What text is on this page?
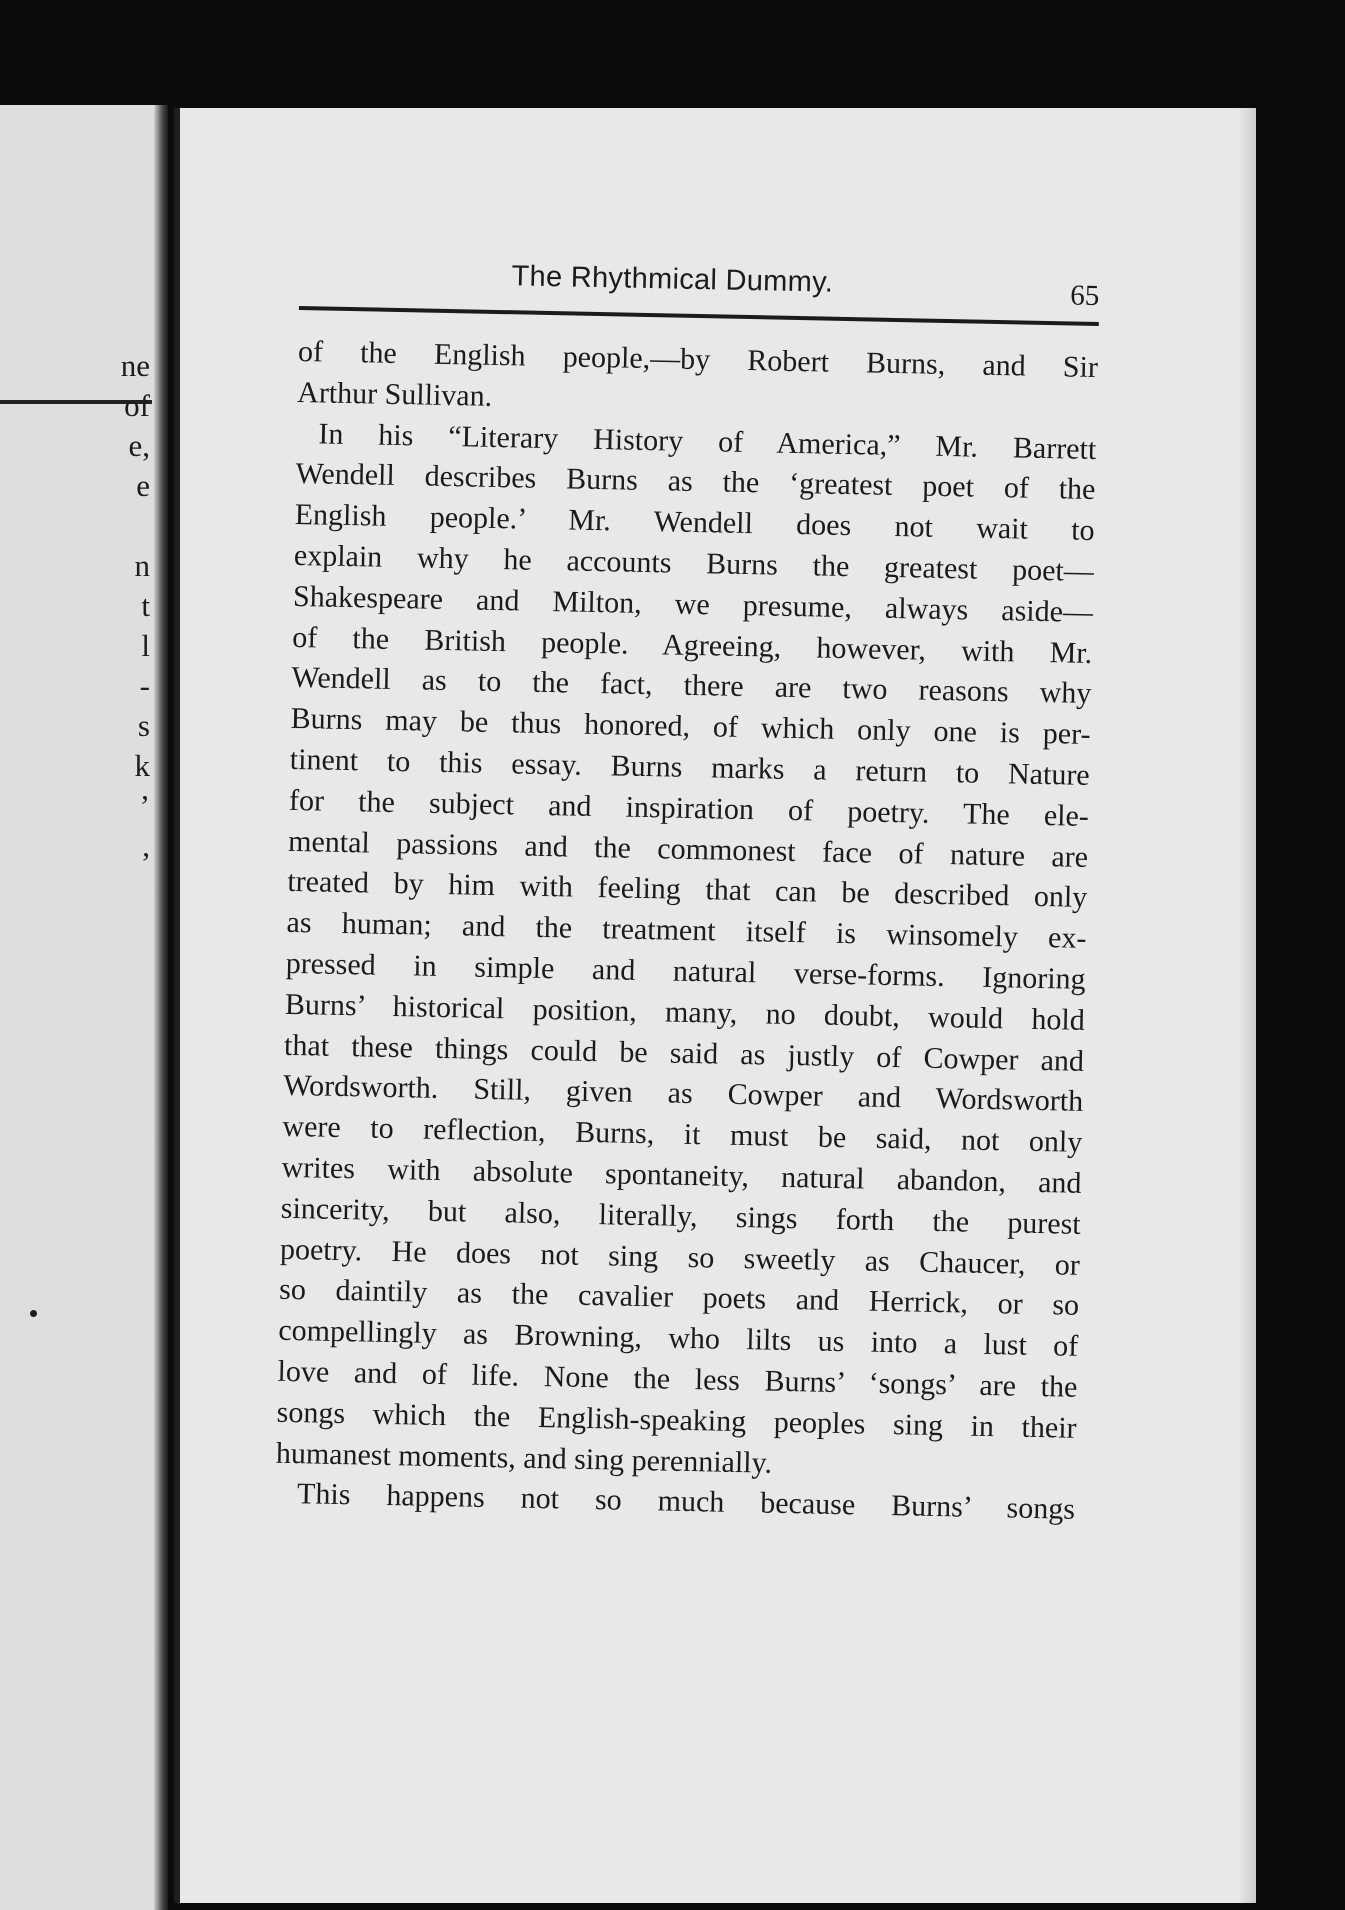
ne
of
e,
e
n
t
l
-
s
k
’
,
The Rhythmical Dummy.	65
of the English people,—by Robert Burns, and Sir
Arthur Sullivan.
In his “Literary History of America,” Mr. Barrett
Wendell describes Burns as the ‘greatest poet of the
English people.’ Mr. Wendell does not wait to
explain why he accounts Burns the greatest poet—
Shakespeare and Milton, we presume, always aside—
of the British people. Agreeing, however, with Mr.
Wendell as to the fact, there are two reasons why
Burns may be thus honored, of which only one is per-
tinent to this essay. Burns marks a return to Nature
for the subject and inspiration of poetry. The ele-
mental passions and the commonest face of nature are
treated by him with feeling that can be described only
as human; and the treatment itself is winsomely ex-
pressed in simple and natural verse-forms. Ignoring
Burns’ historical position, many, no doubt, would hold
that these things could be said as justly of Cowper and
Wordsworth. Still, given as Cowper and Wordsworth
were to reflection, Burns, it must be said, not only
writes with absolute spontaneity, natural abandon, and
sincerity, but also, literally, sings forth the purest
poetry. He does not sing so sweetly as Chaucer, or
so daintily as the cavalier poets and Herrick, or so
compellingly as Browning, who lilts us into a lust of
love and of life. None the less Burns’ ‘songs’ are the
songs which the English-speaking peoples sing in their
humanest moments, and sing perennially.
This happens not so much because Burns’ songs
